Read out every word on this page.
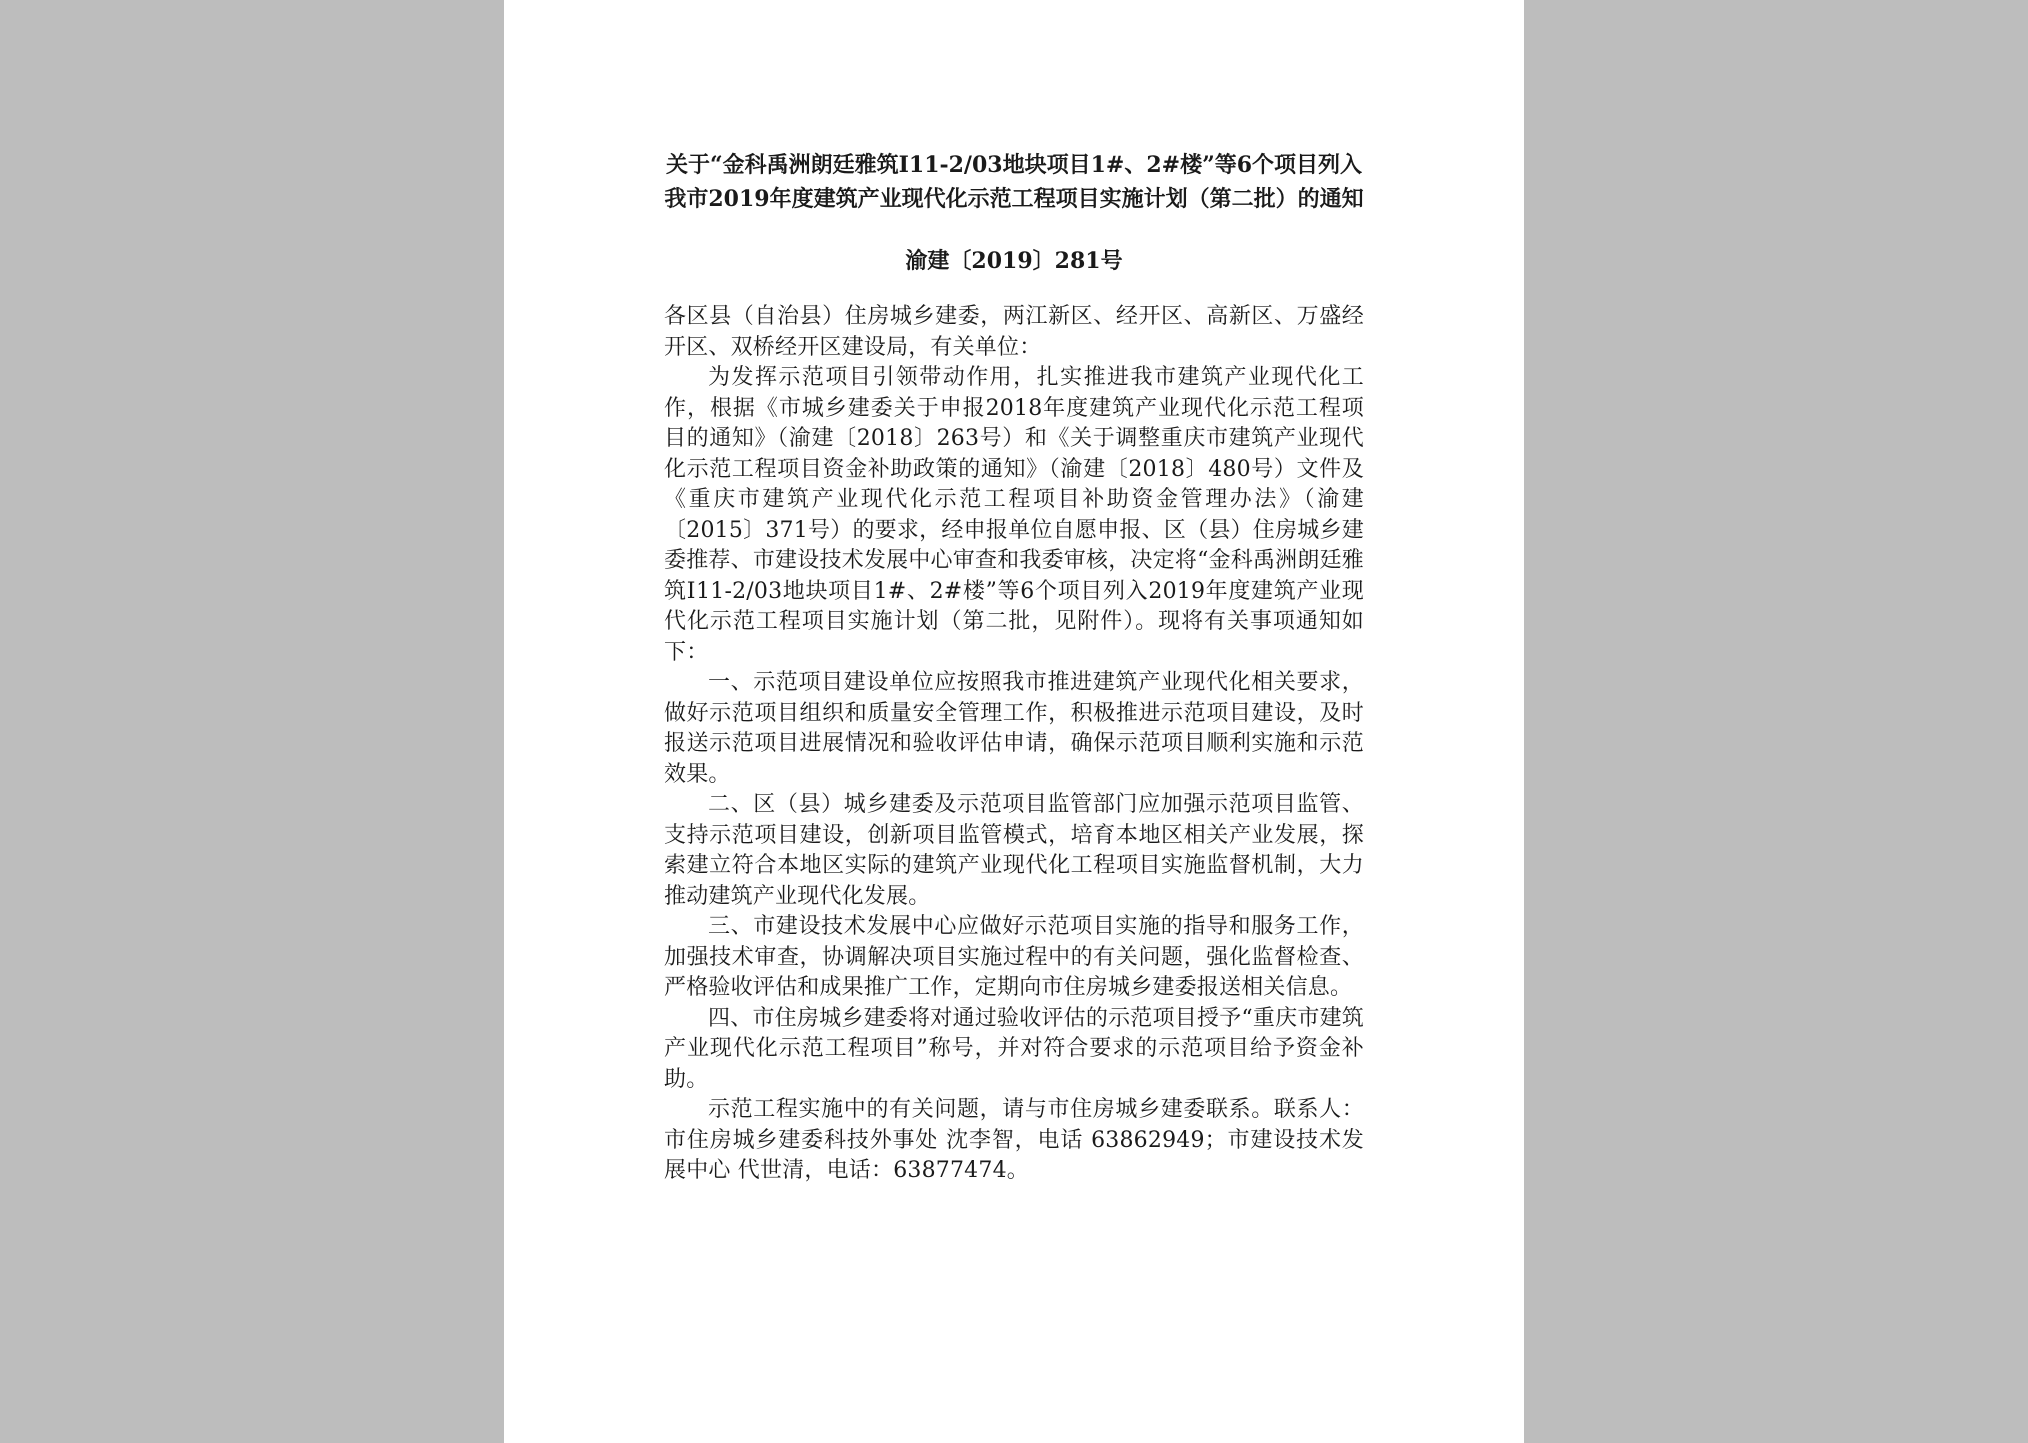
关于“金科禹洲朗廷雅筑Ⅰ11-2/03地块项目1#、2#楼”等6个项目列入我市2019年度建筑产业现代化示范工程项目实施计划（第二批）的通知
渝建〔2019〕281号

各区县（自治县）住房城乡建委，两江新区、经开区、高新区、万盛经开区、双桥经开区建设局，有关单位：

为发挥示范项目引领带动作用，扎实推进我市建筑产业现代化工作，根据《市城乡建委关于申报2018年度建筑产业现代化示范工程项目的通知》（渝建〔2018〕263号）和《关于调整重庆市建筑产业现代化示范工程项目资金补助政策的通知》（渝建〔2018〕480号）文件及《重庆市建筑产业现代化示范工程项目补助资金管理办法》（渝建〔2015〕371号）的要求，经申报单位自愿申报、区（县）住房城乡建委推荐、市建设技术发展中心审查和我委审核，决定将“金科禹洲朗廷雅筑Ⅰ11-2/03地块项目1#、2#楼”等6个项目列入2019年度建筑产业现代化示范工程项目实施计划（第二批，见附件）。现将有关事项通知如下：

一、示范项目建设单位应按照我市推进建筑产业现代化相关要求，做好示范项目组织和质量安全管理工作，积极推进示范项目建设，及时报送示范项目进展情况和验收评估申请，确保示范项目顺利实施和示范效果。

二、区（县）城乡建委及示范项目监管部门应加强示范项目监管、支持示范项目建设，创新项目监管模式，培育本地区相关产业发展，探索建立符合本地区实际的建筑产业现代化工程项目实施监督机制，大力推动建筑产业现代化发展。

三、市建设技术发展中心应做好示范项目实施的指导和服务工作，加强技术审查，协调解决项目实施过程中的有关问题，强化监督检查、严格验收评估和成果推广工作，定期向市住房城乡建委报送相关信息。

四、市住房城乡建委将对通过验收评估的示范项目授予“重庆市建筑产业现代化示范工程项目”称号，并对符合要求的示范项目给予资金补助。

示范工程实施中的有关问题，请与市住房城乡建委联系。联系人：市住房城乡建委科技外事处 沈李智，电话 63862949；市建设技术发展中心 代世清，电话：63877474。
